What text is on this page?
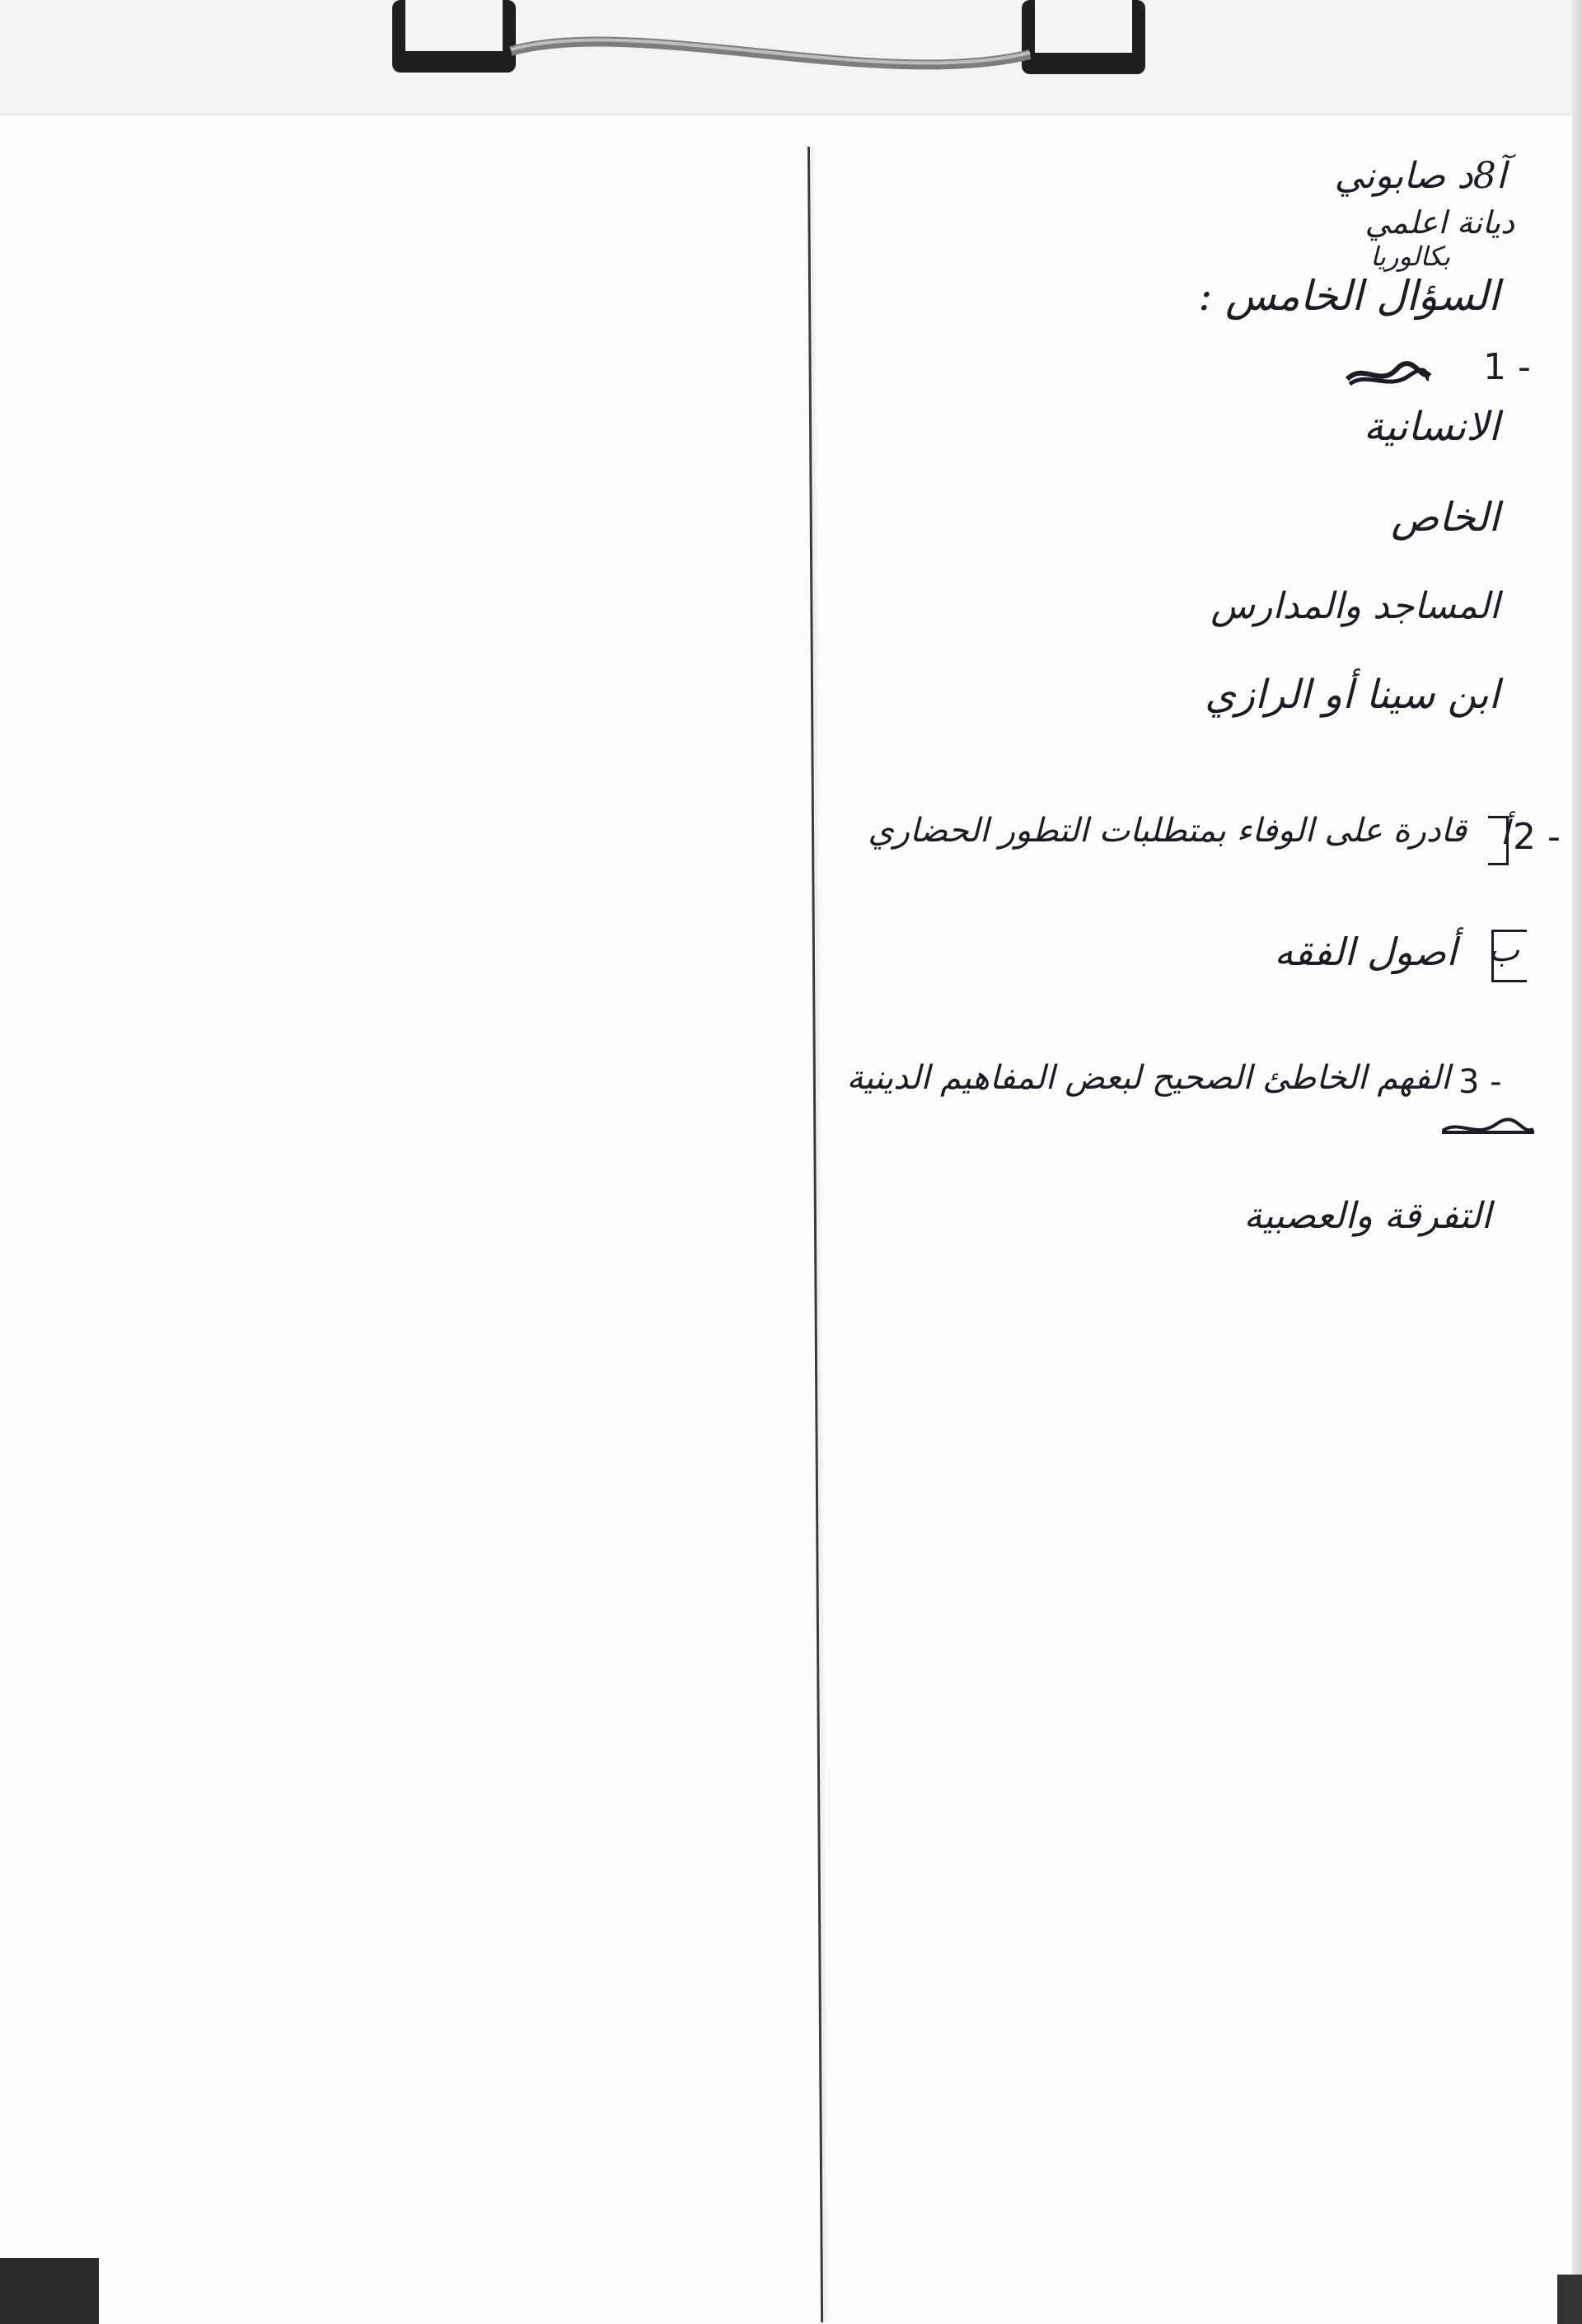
آ8د صابوني
ديانة اعلمي
بكالوريا
السؤال الخامس :
1 -
الانسانية
الخاص
المساجد والمدارس
ابن سينا أو الرازي
2 -
أ
قادرة على الوفاء بمتطلبات التطور الحضاري
ب
أصول الفقه
3 -
الفهم الخاطئ الصحيح لبعض المفاهيم الدينية
التفرقة والعصبية
